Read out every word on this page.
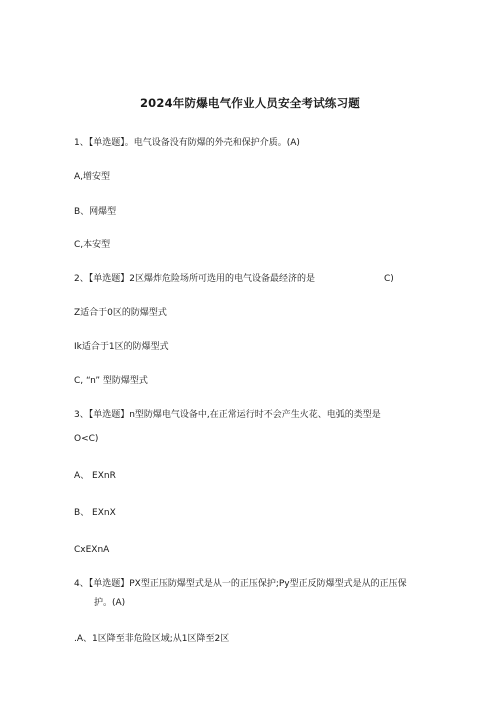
2024年防爆电气作业人员安全考试练习题
1、【单选题】。电气设备没有防爆的外壳和保护介质。(A)
A,增安型
B、网爆型
C,本安型
2、【单选题】2区爆炸危险场所可选用的电气设备最经济的是	C)
Z适合于0区的防爆型式
Ik适合于1区的防爆型式
C, “n” 型防爆型式
3、【单选题】n型防爆电气设备中,在正常运行时不会产生火花、电弧的类型是
O<C)
A、 EXnR
B、 EXnX
CxEXnA
4、【单选题】PX型正压防爆型式是从一的正压保护;Py型正反防爆型式是从的正压保
护。(A)
.A、1区降至非危险区域;从1区降至2区
